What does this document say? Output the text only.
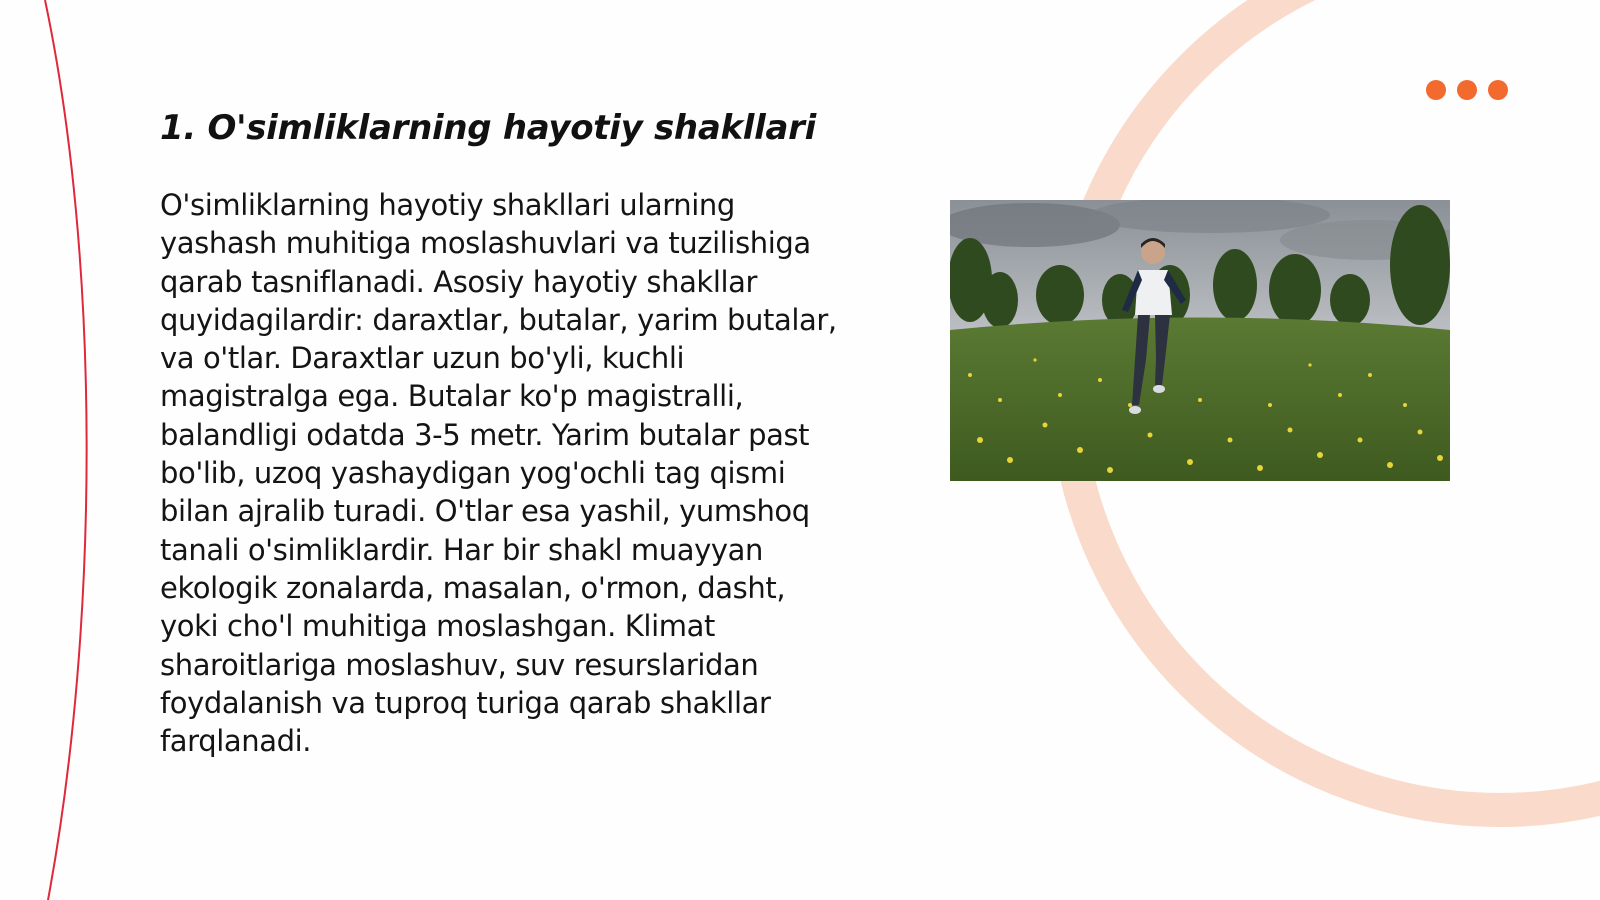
1. O'simliklarning hayotiy shakllari

O'simliklarning hayotiy shakllari ularning yashash muhitiga moslashuvlari va tuzilishiga qarab tasniflanadi. Asosiy hayotiy shakllar quyidagilardir: daraxtlar, butalar, yarim butalar, va o'tlar. Daraxtlar uzun bo'yli, kuchli magistralga ega. Butalar ko'p magistralli, balandligi odatda 3-5 metr. Yarim butalar past bo'lib, uzoq yashaydigan yog'ochli tag qismi bilan ajralib turadi. O'tlar esa yashil, yumshoq tanali o'simliklardir. Har bir shakl muayyan ekologik zonalarda, masalan, o'rmon, dasht, yoki cho'l muhitiga moslashgan. Klimat sharoitlariga moslashuv, suv resurslaridan foydalanish va tuproq turiga qarab shakllar farqlanadi.
